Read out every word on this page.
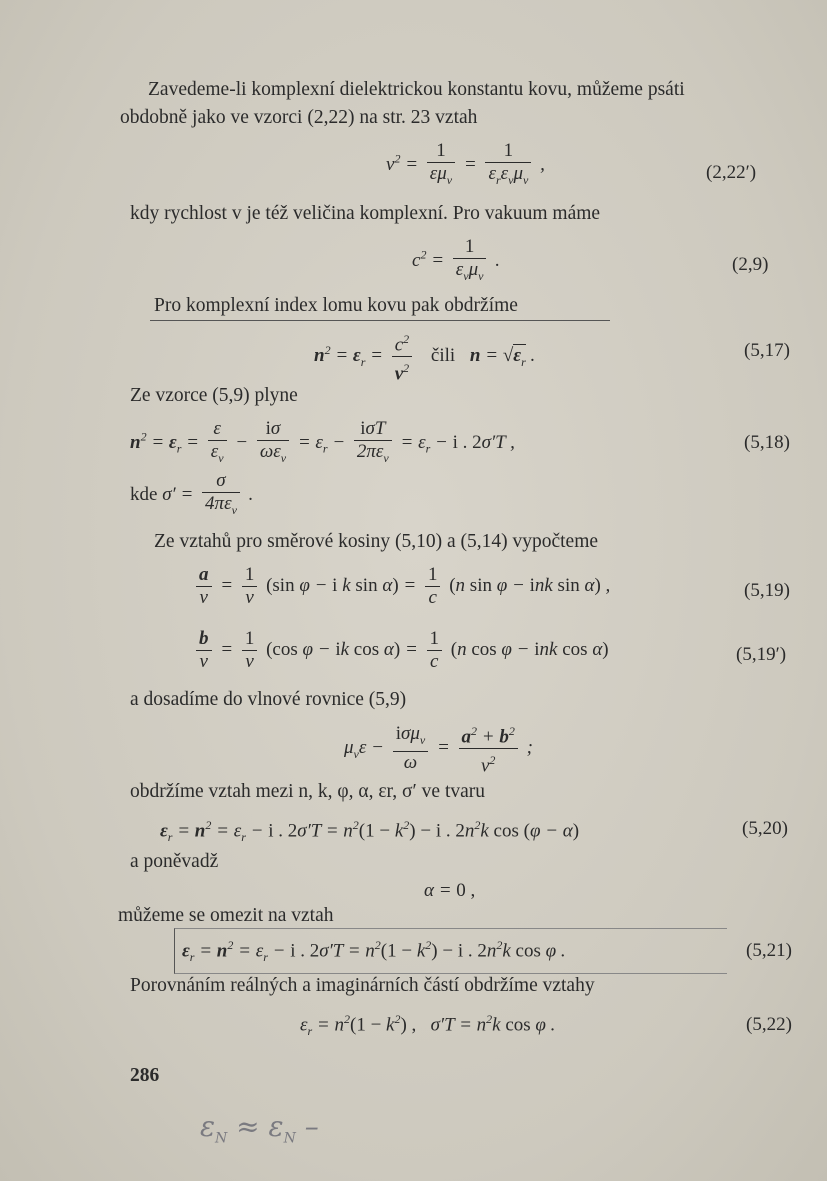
Zavedeme-li komplexní dielektrickou konstantu kovu, můžeme psáti
obdobně jako ve vzorci (2,22) na str. 23 vztah
$v^2 = \frac{1}{\varepsilon\mu_v} = \frac{1}{\varepsilon_r\varepsilon_v\mu_v}$ ,	(2,22′)
kdy rychlost v je též veličina komplexní. Pro vakuum máme
$c^2 = \frac{1}{\varepsilon_v\mu_v}$ .	(2,9)
Pro komplexní index lomu kovu pak obdržíme
$n^2 = \varepsilon_r = \frac{c^2}{v^2}$ čili $n = √\varepsilon_r$ .	(5,17)
Ze vzorce (5,9) plyne
$n^2 = \varepsilon_r = \frac{\varepsilon}{\varepsilon_v} - \frac{i\sigma}{\omega\varepsilon_v} = \varepsilon_r - \frac{\text{iσT}}{2\pi\varepsilon_v} = \varepsilon_r - i$ . 2σ′T ,	(5,18)
kde $\sigma' = \frac{\sigma}{4\pi\varepsilon_v}$ .
Ze vztahů pro směrové kosiny (5,10) a (5,14) vypočteme
$\frac{a}{v} = \frac{1}{v} (\sin$ φ − i k $\sin \alpha) = \frac{1}{c} (n$ sin φ − ink sin α) ,	(5,19)
$\frac{b}{v} = \frac{1}{v} (\cos$ φ − ik $\cos \alpha) = \frac{1}{c} (n$ cos φ − ink cos α)	(5,19′)
a dosadíme do vlnové rovnice (5,9)
$\mu_v\varepsilon - \frac{i\sigma\mu_v}{\omega} = \frac{a^2 + b^2}{v^2}$ ;
obdržíme vztah mezi n, k, φ, α, εr, σ′ ve tvaru
$\varepsilon_r = n^2 = \varepsilon_r - i$ . $2\sigma'T = n^2(1 - k^2) - i$ . $2n^2k$ cos (φ − α)	(5,20)
a poněvadž
α = 0 ,
můžeme se omezit na vztah
$\varepsilon_r = n^2 = \varepsilon_r - i$ . $2\sigma'T = n^2(1 - k^2) - i$ . $2n^2k$ cos φ .	(5,21)
Porovnáním reálných a imaginárních částí obdržíme vztahy
$\varepsilon_r = n^2(1 - k^2)$ ,   $\sigma'T = n^2k$ cos φ .	(5,22)
286
$\varepsilon_N \approx \varepsilon_N$ –
